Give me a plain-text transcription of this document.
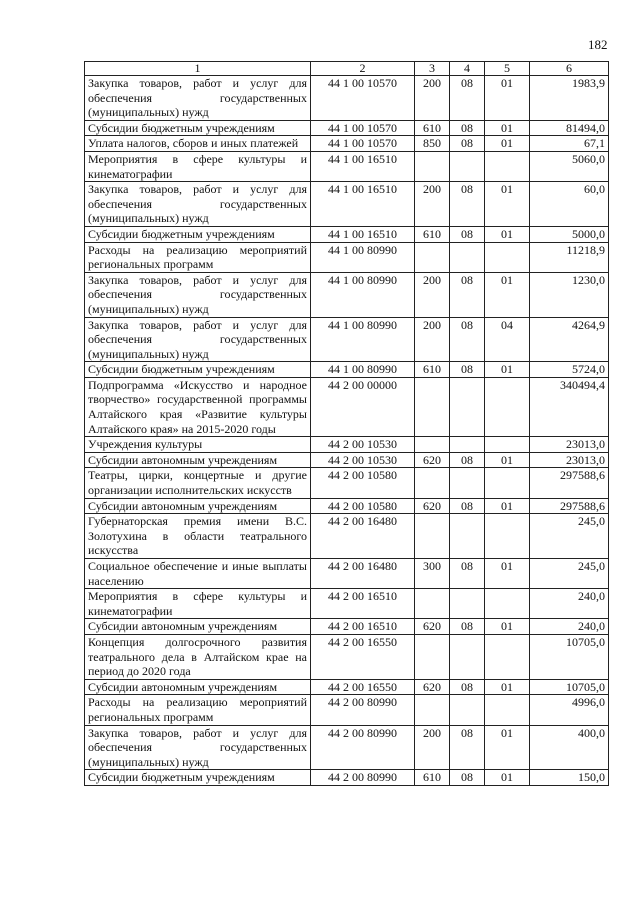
182
1	2	3	4	5	6
Закупка товаров, работ и услуг для обеспечения государственных (муниципальных) нужд	44 1 00 10570	200	08	01	1983,9
Субсидии бюджетным учреждениям	44 1 00 10570	610	08	01	81494,0
Уплата налогов, сборов и иных платежей	44 1 00 10570	850	08	01	67,1
Мероприятия в сфере культуры и кинематографии	44 1 00 16510				5060,0
Закупка товаров, работ и услуг для обеспечения государственных (муниципальных) нужд	44 1 00 16510	200	08	01	60,0
Субсидии бюджетным учреждениям	44 1 00 16510	610	08	01	5000,0
Расходы на реализацию мероприятий региональных программ	44 1 00 80990				11218,9
Закупка товаров, работ и услуг для обеспечения государственных (муниципальных) нужд	44 1 00 80990	200	08	01	1230,0
Закупка товаров, работ и услуг для обеспечения государственных (муниципальных) нужд	44 1 00 80990	200	08	04	4264,9
Субсидии бюджетным учреждениям	44 1 00 80990	610	08	01	5724,0
Подпрограмма «Искусство и народное творчество» государственной программы Алтайского края «Развитие культуры Алтайского края» на 2015-2020 годы	44 2 00 00000				340494,4
Учреждения культуры	44 2 00 10530				23013,0
Субсидии автономным учреждениям	44 2 00 10530	620	08	01	23013,0
Театры, цирки, концертные и другие организации исполнительских искусств	44 2 00 10580				297588,6
Субсидии автономным учреждениям	44 2 00 10580	620	08	01	297588,6
Губернаторская премия имени В.С. Золотухина в области театрального искусства	44 2 00 16480				245,0
Социальное обеспечение и иные выплаты населению	44 2 00 16480	300	08	01	245,0
Мероприятия в сфере культуры и кинематографии	44 2 00 16510				240,0
Субсидии автономным учреждениям	44 2 00 16510	620	08	01	240,0
Концепция долгосрочного развития театрального дела в Алтайском крае на период до 2020 года	44 2 00 16550				10705,0
Субсидии автономным учреждениям	44 2 00 16550	620	08	01	10705,0
Расходы на реализацию мероприятий региональных программ	44 2 00 80990				4996,0
Закупка товаров, работ и услуг для обеспечения государственных (муниципальных) нужд	44 2 00 80990	200	08	01	400,0
Субсидии бюджетным учреждениям	44 2 00 80990	610	08	01	150,0
